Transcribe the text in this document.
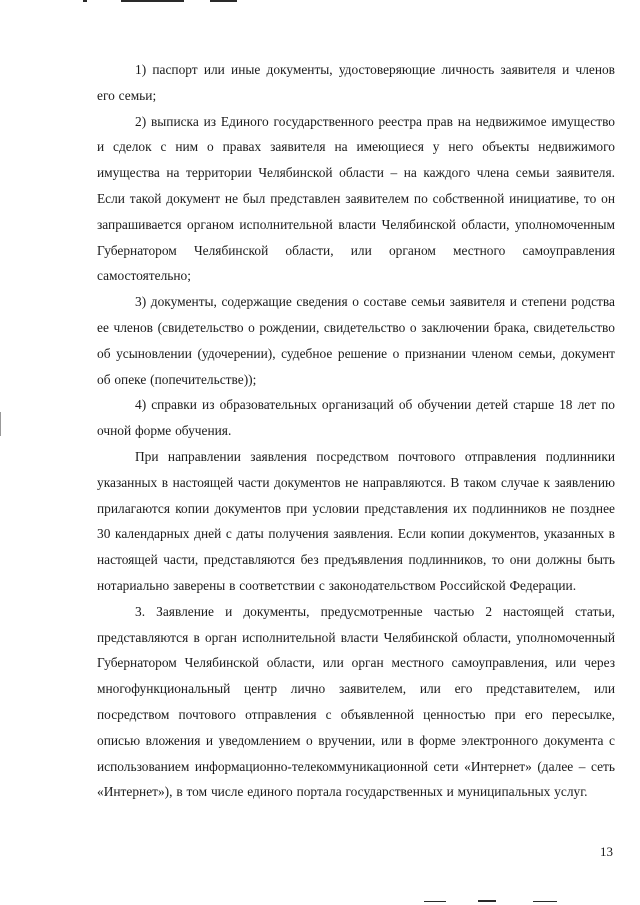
1) паспорт или иные документы, удостоверяющие личность заявителя и членов его семьи;

2) выписка из Единого государственного реестра прав на недвижимое имущество и сделок с ним о правах заявителя на имеющиеся у него объекты недвижимого имущества на территории Челябинской области – на каждого члена семьи заявителя. Если такой документ не был представлен заявителем по собственной инициативе, то он запрашивается органом исполнительной власти Челябинской области, уполномоченным Губернатором Челябинской области, или органом местного самоуправления самостоятельно;

3) документы, содержащие сведения о составе семьи заявителя и степени родства ее членов (свидетельство о рождении, свидетельство о заключении брака, свидетельство об усыновлении (удочерении), судебное решение о признании членом семьи, документ об опеке (попечительстве));

4) справки из образовательных организаций об обучении детей старше 18 лет по очной форме обучения.

При направлении заявления посредством почтового отправления подлинники указанных в настоящей части документов не направляются. В таком случае к заявлению прилагаются копии документов при условии представления их подлинников не позднее 30 календарных дней с даты получения заявления. Если копии документов, указанных в настоящей части, представляются без предъявления подлинников, то они должны быть нотариально заверены в соответствии с законодательством Российской Федерации.

3. Заявление и документы, предусмотренные частью 2 настоящей статьи, представляются в орган исполнительной власти Челябинской области, уполномоченный Губернатором Челябинской области, или орган местного самоуправления, или через многофункциональный центр лично заявителем, или его представителем, или посредством почтового отправления с объявленной ценностью при его пересылке, описью вложения и уведомлением о вручении, или в форме электронного документа с использованием информационно-телекоммуникационной сети «Интернет» (далее – сеть «Интернет»), в том числе единого портала государственных и муниципальных услуг.

13
